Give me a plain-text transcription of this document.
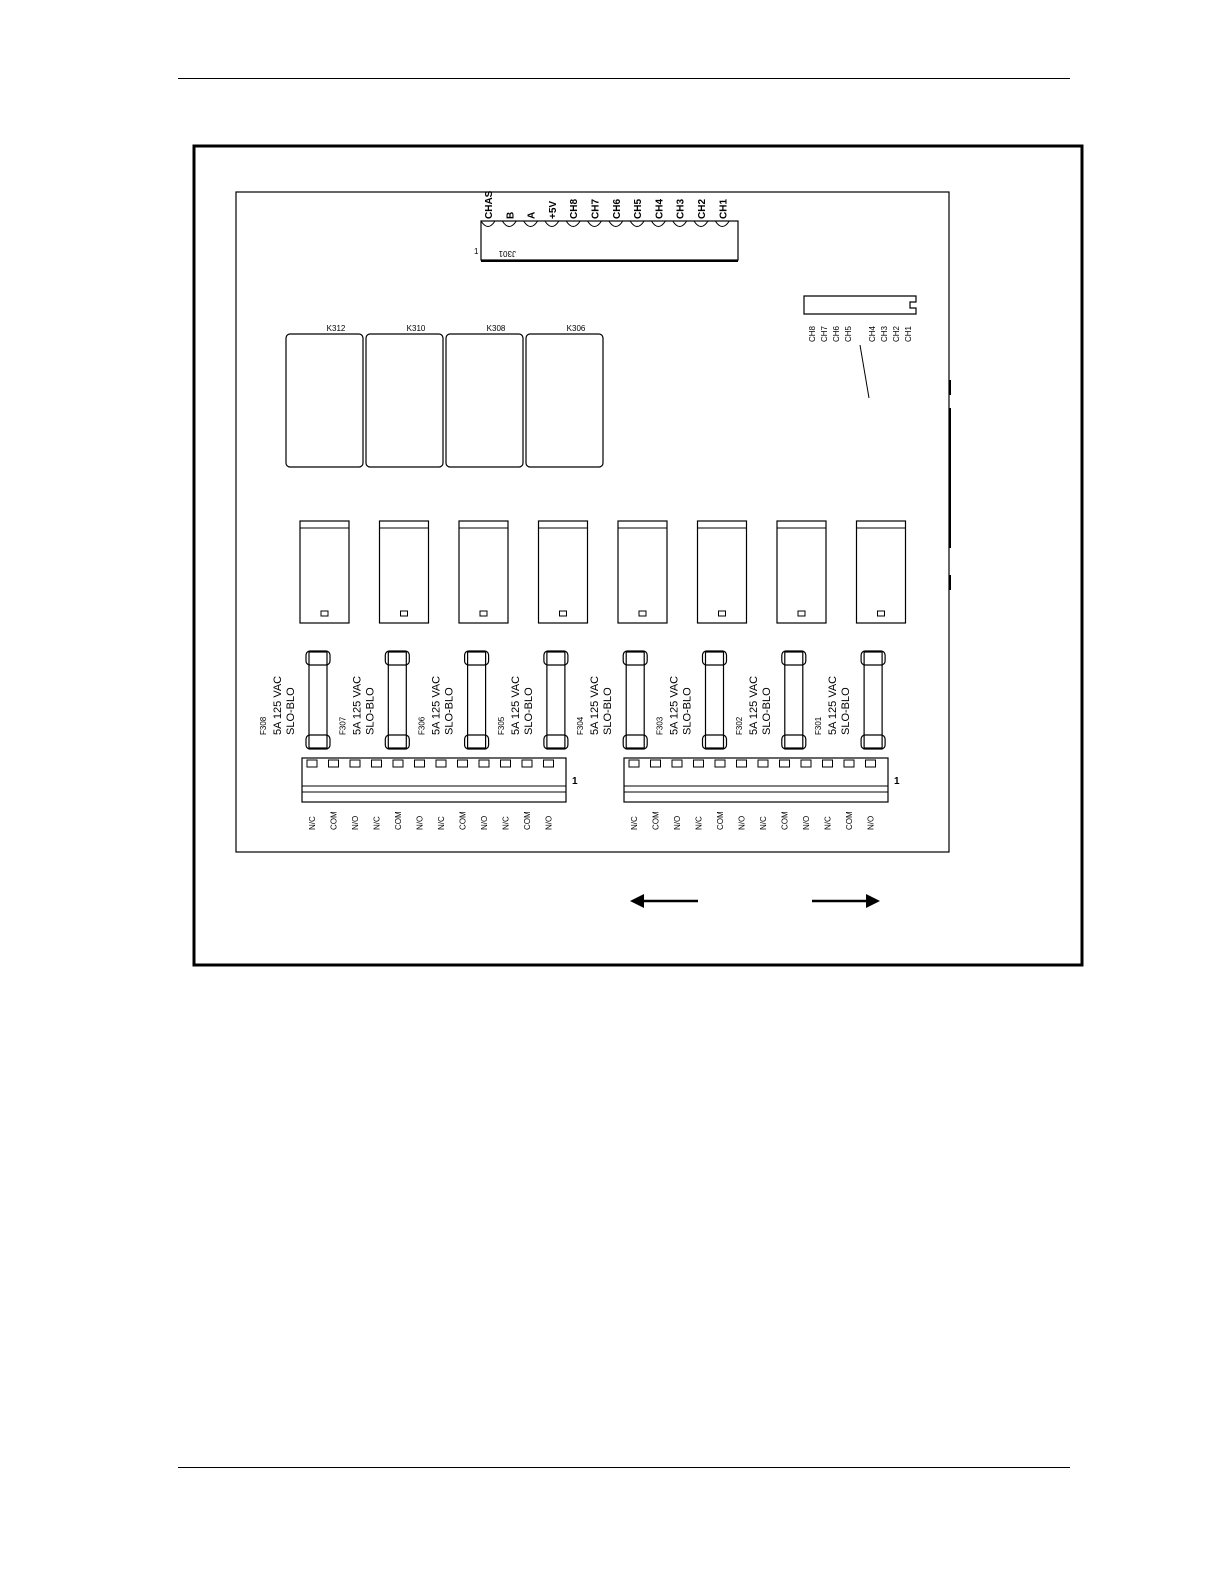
CHAS B A +5V CH8 CH7 CH6 CH5 CH4 CH3 CH2 CH1
J301
1
CH8 CH7 CH6 CH5 CH4 CH3 CH2 CH1
K312	K310	K308	K306
F308 5A 125 VAC SLO-BLO	F307 5A 125 VAC SLO-BLO	F306 5A 125 VAC SLO-BLO	F305 5A 125 VAC SLO-BLO	F304 5A 125 VAC SLO-BLO	F303 5A 125 VAC SLO-BLO	F302 5A 125 VAC SLO-BLO	F301 5A 125 VAC SLO-BLO
1
N/C COM N/O N/C COM N/O N/C COM N/O N/C COM N/O
1
N/C COM N/O N/C COM N/O N/C COM N/O N/C COM N/O
